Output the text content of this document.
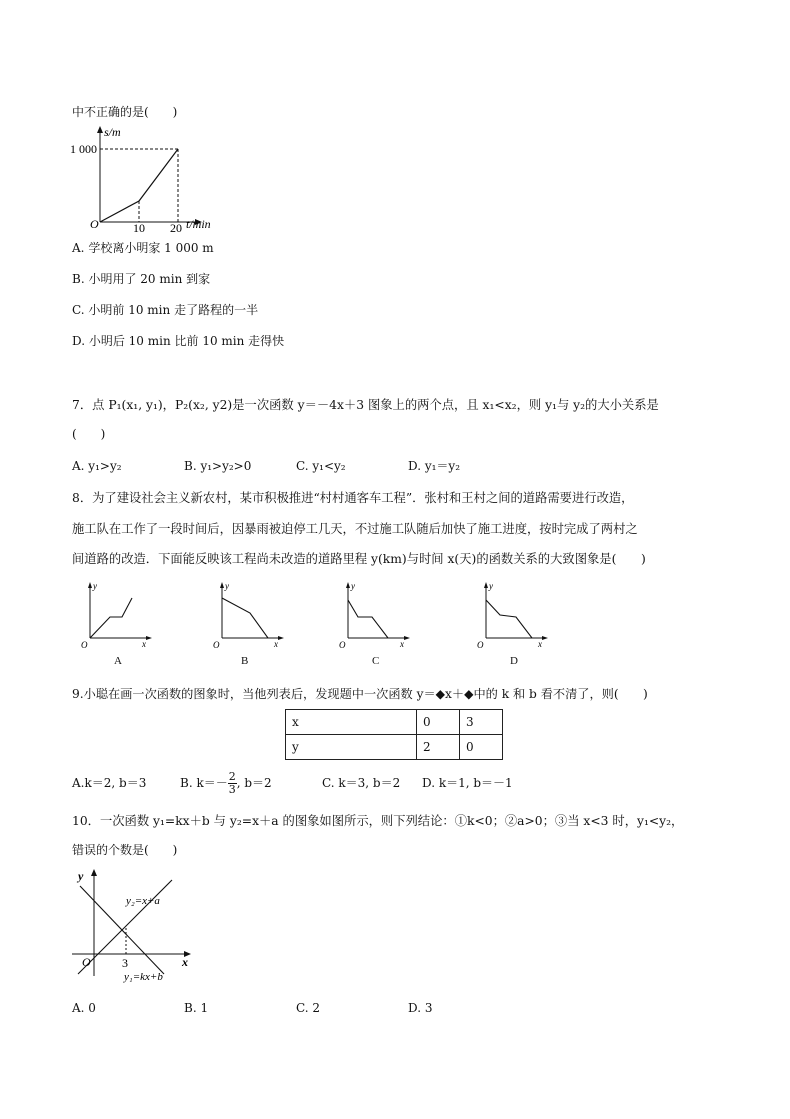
中不正确的是(　　)
s/m
1 000
O	10 20 t/min
A. 学校离小明家 1 000 m
B. 小明用了 20 min 到家
C. 小明前 10 min 走了路程的一半
D. 小明后 10 min 比前 10 min 走得快
7．点 P₁(x₁, y₁)，P₂(x₂, y2)是一次函数 y＝－4x＋3 图象上的两个点，且 x₁<x₂，则 y₁与 y₂的大小关系是
(　　)
A. y₁>y₂	B. y₁>y₂>0	C. y₁<y₂	D. y₁＝y₂
8．为了建设社会主义新农村，某市积极推进“村村通客车工程”．张村和王村之间的道路需要进行改造，
施工队在工作了一段时间后，因暴雨被迫停工几天，不过施工队随后加快了施工进度，按时完成了两村之
间道路的改造．下面能反映该工程尚未改造的道路里程 y(km)与时间 x(天)的函数关系的大致图象是(　　)
y
x
O
A
y
x
O
B
y
x
O
C
y
x
O
D
9.小聪在画一次函数的图象时，当他列表后，发现题中一次函数 y＝◆x＋◆中的 k 和 b 看不清了，则(　　)
x	0	3
y	2	0
A.k＝2, b＝3	B. $k=- \frac{2}{3}$ , b＝2	C. k＝3, b＝2 D. k＝1, b＝－1
10．一次函数 y₁=kx＋b 与 y₂=x＋a 的图象如图所示，则下列结论：①k<0；②a>0；③当 x<3 时，y₁<y₂，
错误的个数是(　　)
y
x
O	3
y₂=x+a
y₁=kx+b
A. 0	B. 1	C. 2	D. 3
